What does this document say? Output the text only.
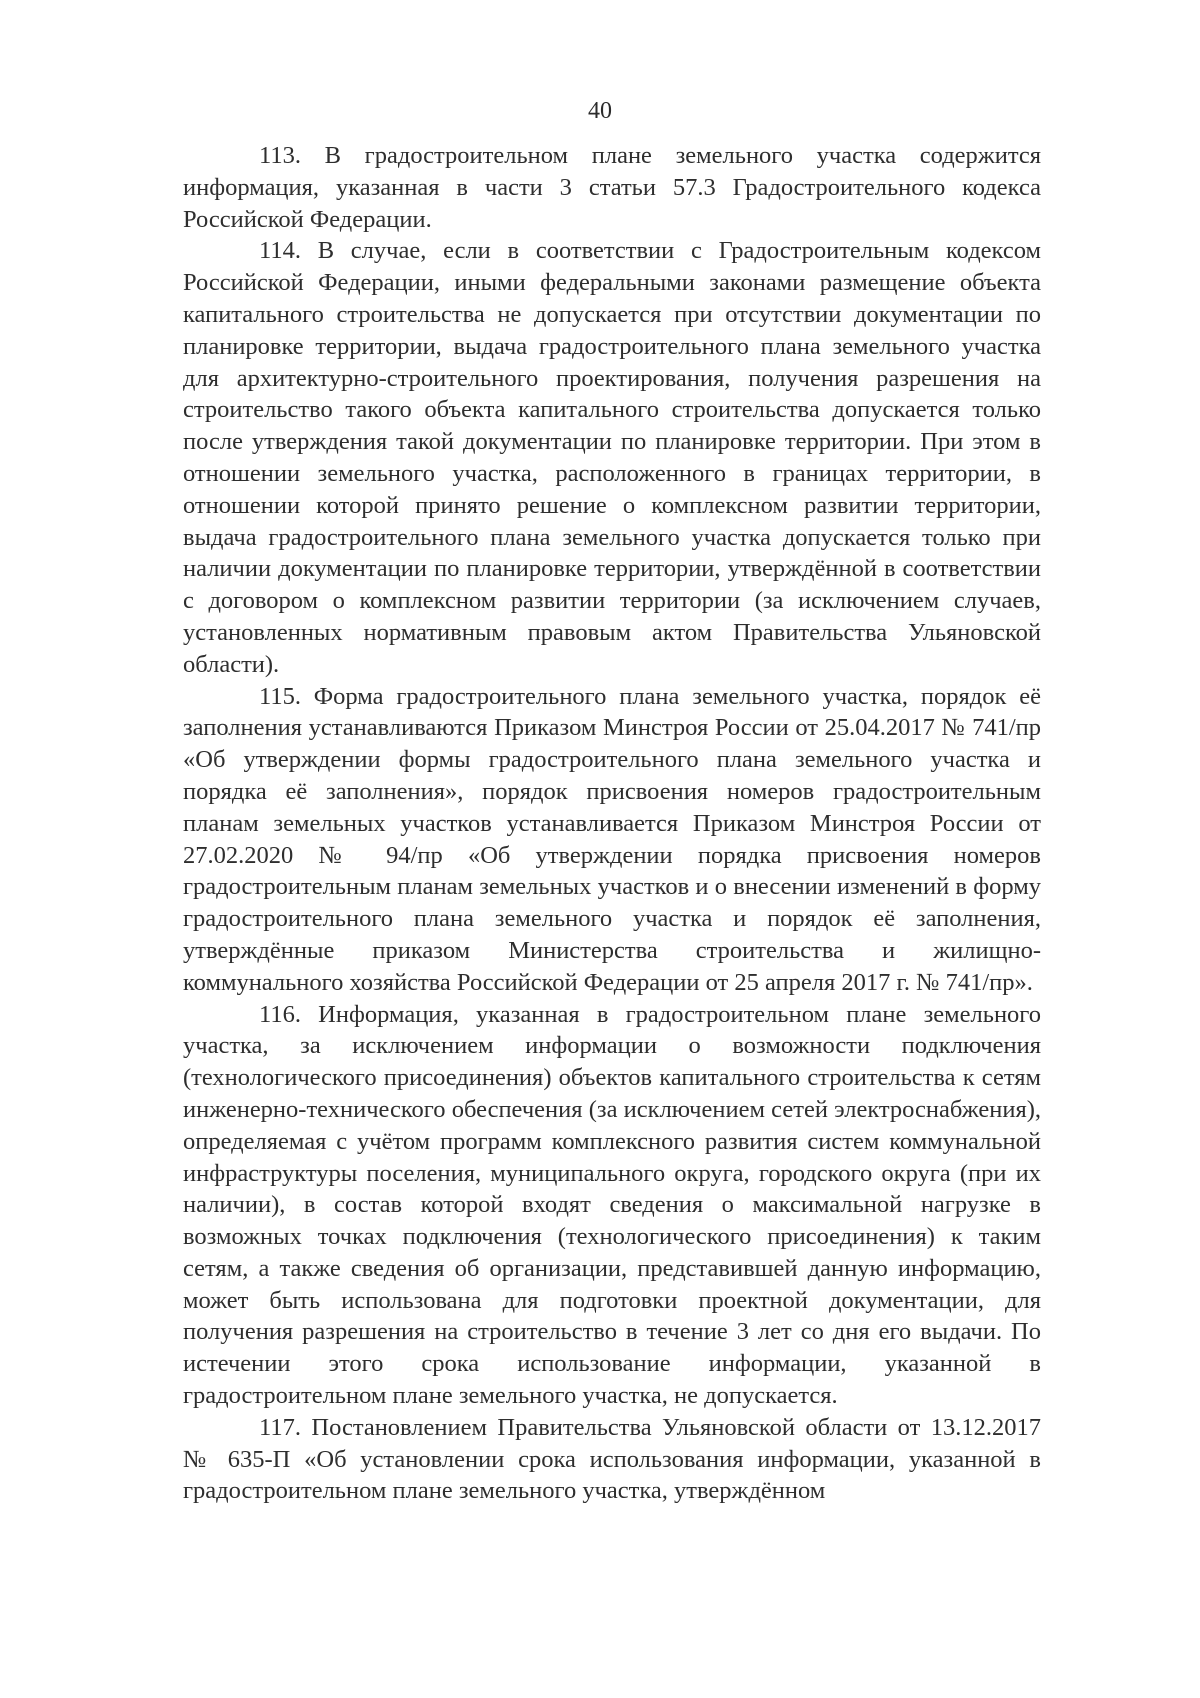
40

113. В градостроительном плане земельного участка содержится информация, указанная в части 3 статьи 57.3 Градостроительного кодекса Российской Федерации.

114. В случае, если в соответствии с Градостроительным кодексом Российской Федерации, иными федеральными законами размещение объекта капитального строительства не допускается при отсутствии документации по планировке территории, выдача градостроительного плана земельного участка для архитектурно-строительного проектирования, получения разрешения на строительство такого объекта капитального строительства допускается только после утверждения такой документации по планировке территории. При этом в отношении земельного участка, расположенного в границах территории, в отношении которой принято решение о комплексном развитии территории, выдача градостроительного плана земельного участка допускается только при наличии документации по планировке территории, утверждённой в соответствии с договором о комплексном развитии территории (за исключением случаев, установленных нормативным правовым актом Правительства Ульяновской области).

115. Форма градостроительного плана земельного участка, порядок её заполнения устанавливаются Приказом Минстроя России от 25.04.2017 № 741/пр «Об утверждении формы градостроительного плана земельного участка и порядка её заполнения», порядок присвоения номеров градостроительным планам земельных участков устанавливается Приказом Минстроя России от 27.02.2020 № 94/пр «Об утверждении порядка присвоения номеров градостроительным планам земельных участков и о внесении изменений в форму градостроительного плана земельного участка и порядок её заполнения, утверждённые приказом Министерства строительства и жилищно-коммунального хозяйства Российской Федерации от 25 апреля 2017 г. № 741/пр».

116. Информация, указанная в градостроительном плане земельного участка, за исключением информации о возможности подключения (технологического присоединения) объектов капитального строительства к сетям инженерно-технического обеспечения (за исключением сетей электроснабжения), определяемая с учётом программ комплексного развития систем коммунальной инфраструктуры поселения, муниципального округа, городского округа (при их наличии), в состав которой входят сведения о максимальной нагрузке в возможных точках подключения (технологического присоединения) к таким сетям, а также сведения об организации, представившей данную информацию, может быть использована для подготовки проектной документации, для получения разрешения на строительство в течение 3 лет со дня его выдачи. По истечении этого срока использование информации, указанной в градостроительном плане земельного участка, не допускается.

117. Постановлением Правительства Ульяновской области от 13.12.2017 № 635-П «Об установлении срока использования информации, указанной в градостроительном плане земельного участка, утверждённом
